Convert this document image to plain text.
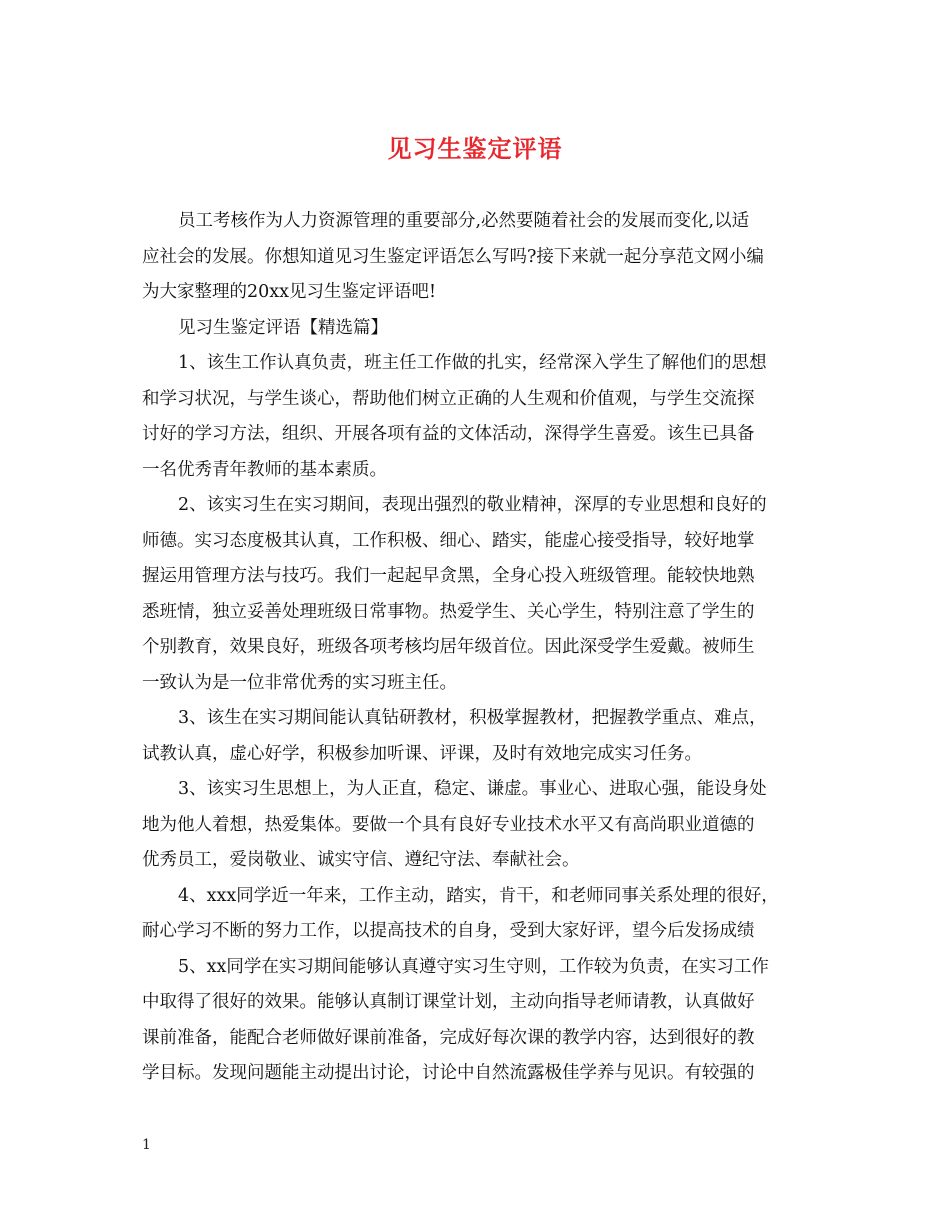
见习生鉴定评语
员工考核作为人力资源管理的重要部分,必然要随着社会的发展而变化,以适
应社会的发展。你想知道见习生鉴定评语怎么写吗?接下来就一起分享范文网小编
为大家整理的20xx见习生鉴定评语吧!
见习生鉴定评语【精选篇】
1、该生工作认真负责，班主任工作做的扎实，经常深入学生了解他们的思想
和学习状况，与学生谈心，帮助他们树立正确的人生观和价值观，与学生交流探
讨好的学习方法，组织、开展各项有益的文体活动，深得学生喜爱。该生已具备
一名优秀青年教师的基本素质。
2、该实习生在实习期间，表现出强烈的敬业精神，深厚的专业思想和良好的
师德。实习态度极其认真，工作积极、细心、踏实，能虚心接受指导，较好地掌
握运用管理方法与技巧。我们一起起早贪黑，全身心投入班级管理。能较快地熟
悉班情，独立妥善处理班级日常事物。热爱学生、关心学生，特别注意了学生的
个别教育，效果良好，班级各项考核均居年级首位。因此深受学生爱戴。被师生
一致认为是一位非常优秀的实习班主任。
3、该生在实习期间能认真钻研教材，积极掌握教材，把握教学重点、难点，
试教认真，虚心好学，积极参加听课、评课，及时有效地完成实习任务。
3、该实习生思想上，为人正直，稳定、谦虚。事业心、进取心强，能设身处
地为他人着想，热爱集体。要做一个具有良好专业技术水平又有高尚职业道德的
优秀员工，爱岗敬业、诚实守信、遵纪守法、奉献社会。
4、xxx同学近一年来，工作主动，踏实，肯干，和老师同事关系处理的很好，
耐心学习不断的努力工作，以提高技术的自身，受到大家好评，望今后发扬成绩
5、xx同学在实习期间能够认真遵守实习生守则，工作较为负责，在实习工作
中取得了很好的效果。能够认真制订课堂计划，主动向指导老师请教，认真做好
课前准备，能配合老师做好课前准备，完成好每次课的教学内容，达到很好的教
学目标。发现问题能主动提出讨论，讨论中自然流露极佳学养与见识。有较强的
1
